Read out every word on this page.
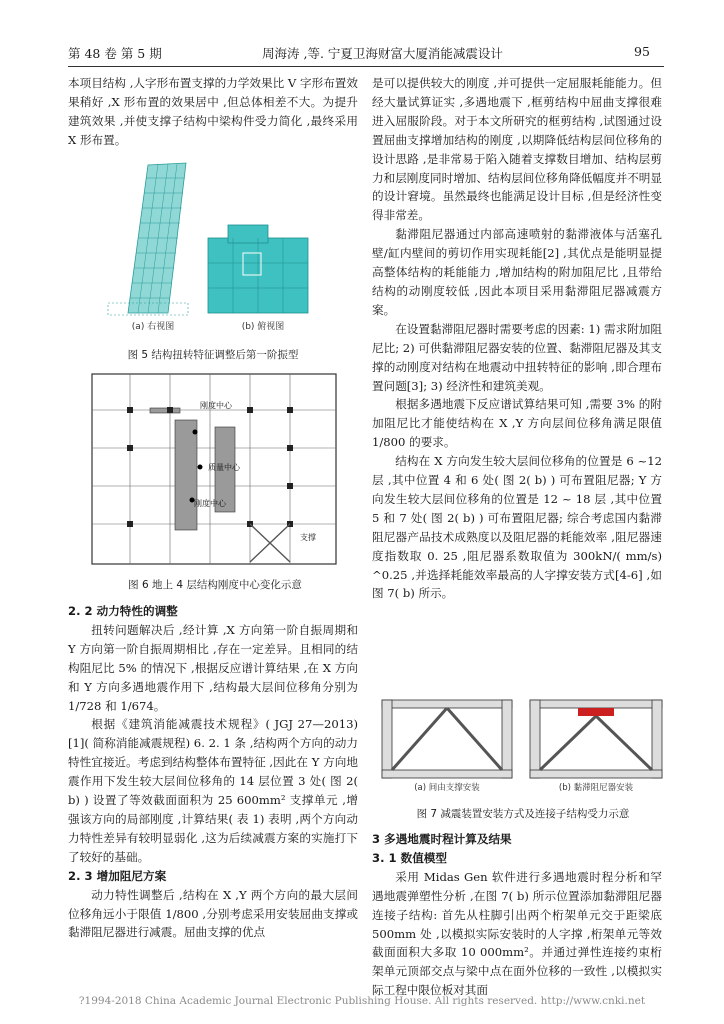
第 48 卷 第 5 期	周海涛 ,等. 宁夏卫海财富大厦消能减震设计	95

本项目结构 ,人字形布置支撑的力学效果比 V 字形布置效果稍好 ,X 形布置的效果居中 ,但总体相差不大。为提升建筑效果 ,并使支撑子结构中梁构件受力简化 ,最终采用 X 形布置。

(a) 右视图	(b) 俯视图
图 5 结构扭转特征调整后第一阶振型
刚度中心
质量中心
刚度中心
支撑
图 6 地上 4 层结构刚度中心变化示意

2. 2 动力特性的调整

扭转问题解决后 ,经计算 ,X 方向第一阶自振周期和 Y 方向第一阶自振周期相比 ,存在一定差异。且相同的结构阻尼比 5% 的情况下 ,根据反应谱计算结果 ,在 X 方向和 Y 方向多遇地震作用下 ,结构最大层间位移角分别为 1/728 和 1/674。

根据《建筑消能减震技术规程》( JGJ 27—2013) [1]( 简称消能减震规程) 6. 2. 1 条 ,结构两个方向的动力特性宜接近。考虑到结构整体布置特征 ,因此在 Y 方向地震作用下发生较大层间位移角的 14 层位置 3 处( 图 2( b) ) 设置了等效截面面积为 25 600mm² 支撑单元 ,增强该方向的局部刚度 ,计算结果( 表 1) 表明 ,两个方向动力特性差异有较明显弱化 ,这为后续减震方案的实施打下了较好的基础。

2. 3 增加阻尼方案

动力特性调整后 ,结构在 X ,Y 两个方向的最大层间位移角远小于限值 1/800 ,分别考虑采用安装屈曲支撑或黏滞阻尼器进行减震。屈曲支撑的优点

是可以提供较大的刚度 ,并可提供一定屈服耗能能力。但经大量试算证实 ,多遇地震下 ,框剪结构中屈曲支撑很难进入屈服阶段。对于本文所研究的框剪结构 ,试图通过设置屈曲支撑增加结构的刚度 ,以期降低结构层间位移角的设计思路 ,是非常易于陷入随着支撑数目增加、结构层剪力和层刚度同时增加、结构层间位移角降低幅度并不明显的设计窘境。虽然最终也能满足设计目标 ,但是经济性变得非常差。

黏滞阻尼器通过内部高速喷射的黏滞液体与活塞孔壁/缸内壁间的剪切作用实现耗能[2] ,其优点是能明显提高整体结构的耗能能力 ,增加结构的附加阻尼比 ,且带给结构的动刚度较低 ,因此本项目采用黏滞阻尼器减震方案。

在设置黏滞阻尼器时需要考虑的因素: 1) 需求附加阻尼比; 2) 可供黏滞阻尼器安装的位置、黏滞阻尼器及其支撑的动刚度对结构在地震动中扭转特征的影响 ,即合理布置问题[3]; 3) 经济性和建筑美观。

根据多遇地震下反应谱试算结果可知 ,需要 3% 的附加阻尼比才能使结构在 X ,Y 方向层间位移角满足限值 1/800 的要求。

结构在 X 方向发生较大层间位移角的位置是 6 ~12 层 ,其中位置 4 和 6 处( 图 2( b) ) 可布置阻尼器; Y 方向发生较大层间位移角的位置是 12 ~ 18 层 ,其中位置 5 和 7 处( 图 2( b) ) 可布置阻尼器; 综合考虑国内黏滞阻尼器产品技术成熟度以及阻尼器的耗能效率 ,阻尼器速度指数取 0. 25 ,阻尼器系数取值为 300kN/( mm/s) ^0.25 ,并选择耗能效率最高的人字撑安装方式[4-6] ,如图 7( b) 所示。

(a) 间由支撑安装	(b) 黏滞阻尼器安装
图 7 减震装置安装方式及连接子结构受力示意

3 多遇地震时程计算及结果

3. 1 数值模型

采用 Midas Gen 软件进行多遇地震时程分析和罕遇地震弹塑性分析 ,在图 7( b) 所示位置添加黏滞阻尼器连接子结构: 首先从柱脚引出两个桁架单元交于距梁底 500mm 处 ,以模拟实际安装时的人字撑 ,桁架单元等效截面面积大多取 10 000mm²。并通过弹性连接约束桁架单元顶部交点与梁中点在面外位移的一致性 ,以模拟实际工程中限位板对其面

?1994-2018 China Academic Journal Electronic Publishing House. All rights reserved. http://www.cnki.net
